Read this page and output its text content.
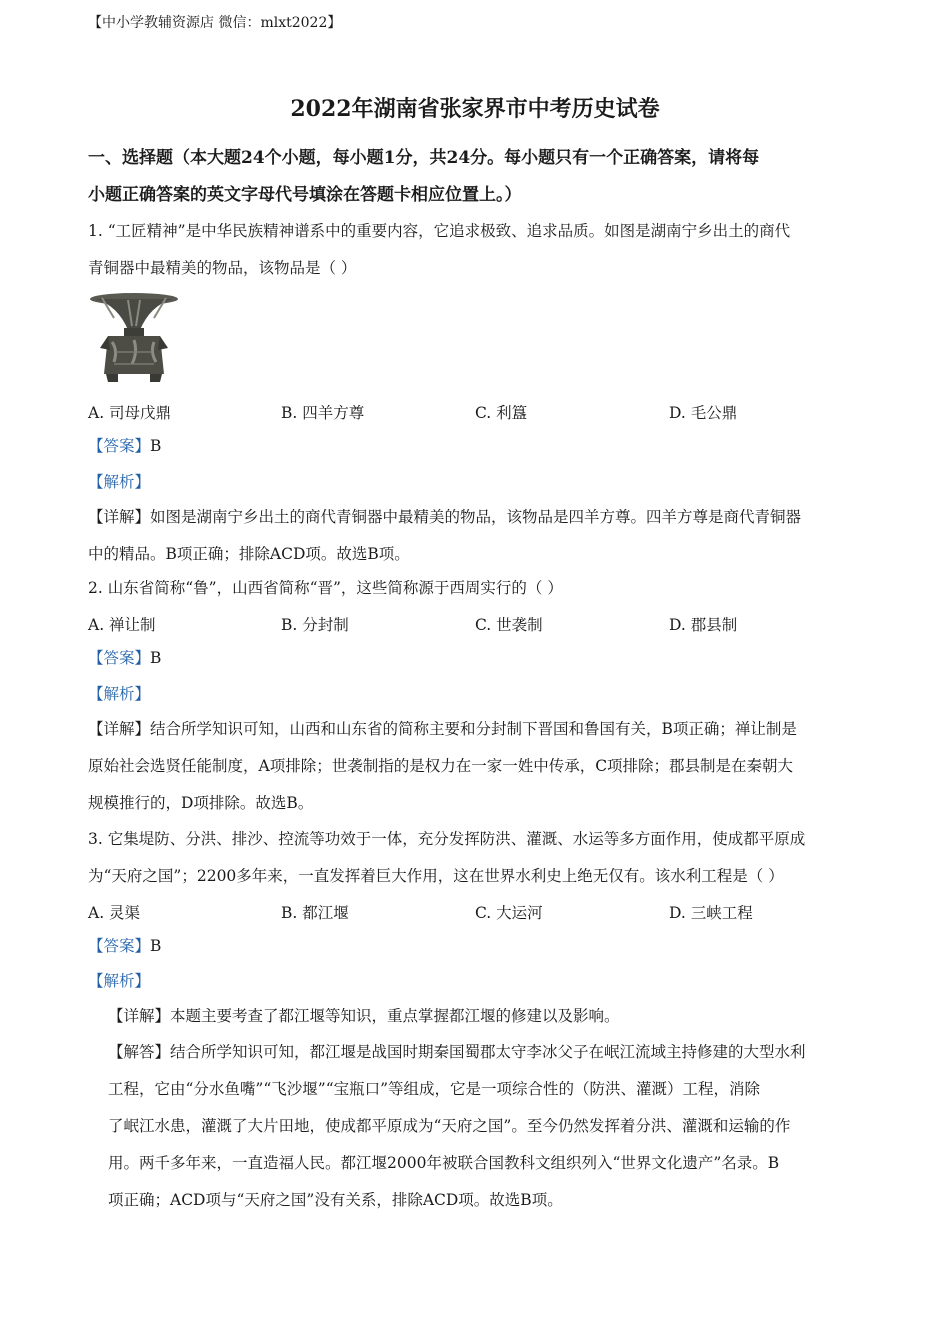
【中小学教辅资源店 微信：mlxt2022】
2022年湖南省张家界市中考历史试卷
一、选择题（本大题24个小题，每小题1分，共24分。每小题只有一个正确答案，请将每
小题正确答案的英文字母代号填涂在答题卡相应位置上。）
1. “工匠精神”是中华民族精神谱系中的重要内容，它追求极致、追求品质。如图是湖南宁乡出土的商代
青铜器中最精美的物品，该物品是（ ）
A. 司母戊鼎	B. 四羊方尊	C. 利簋	D. 毛公鼎
【答案】B
【解析】
【详解】如图是湖南宁乡出土的商代青铜器中最精美的物品，该物品是四羊方尊。四羊方尊是商代青铜器
中的精品。B项正确；排除ACD项。故选B项。
2. 山东省简称“鲁”，山西省简称“晋”，这些简称源于西周实行的（ ）
A. 禅让制	B. 分封制	C. 世袭制	D. 郡县制
【答案】B
【解析】
【详解】结合所学知识可知，山西和山东省的简称主要和分封制下晋国和鲁国有关，B项正确；禅让制是
原始社会选贤任能制度，A项排除；世袭制指的是权力在一家一姓中传承，C项排除；郡县制是在秦朝大
规模推行的，D项排除。故选B。
3. 它集堤防、分洪、排沙、控流等功效于一体，充分发挥防洪、灌溉、水运等多方面作用，使成都平原成
为“天府之国”；2200多年来，一直发挥着巨大作用，这在世界水利史上绝无仅有。该水利工程是（ ）
A. 灵渠	B. 都江堰	C. 大运河	D. 三峡工程
【答案】B
【解析】
【详解】本题主要考查了都江堰等知识，重点掌握都江堰的修建以及影响。
【解答】结合所学知识可知，都江堰是战国时期秦国蜀郡太守李冰父子在岷江流域主持修建的大型水利
工程，它由“分水鱼嘴”“飞沙堰”“宝瓶口”等组成，它是一项综合性的（防洪、灌溉）工程，消除
了岷江水患，灌溉了大片田地，使成都平原成为“天府之国”。至今仍然发挥着分洪、灌溉和运输的作
用。两千多年来，一直造福人民。都江堰2000年被联合国教科文组织列入“世界文化遗产”名录。B
项正确；ACD项与“天府之国”没有关系，排除ACD项。故选B项。
